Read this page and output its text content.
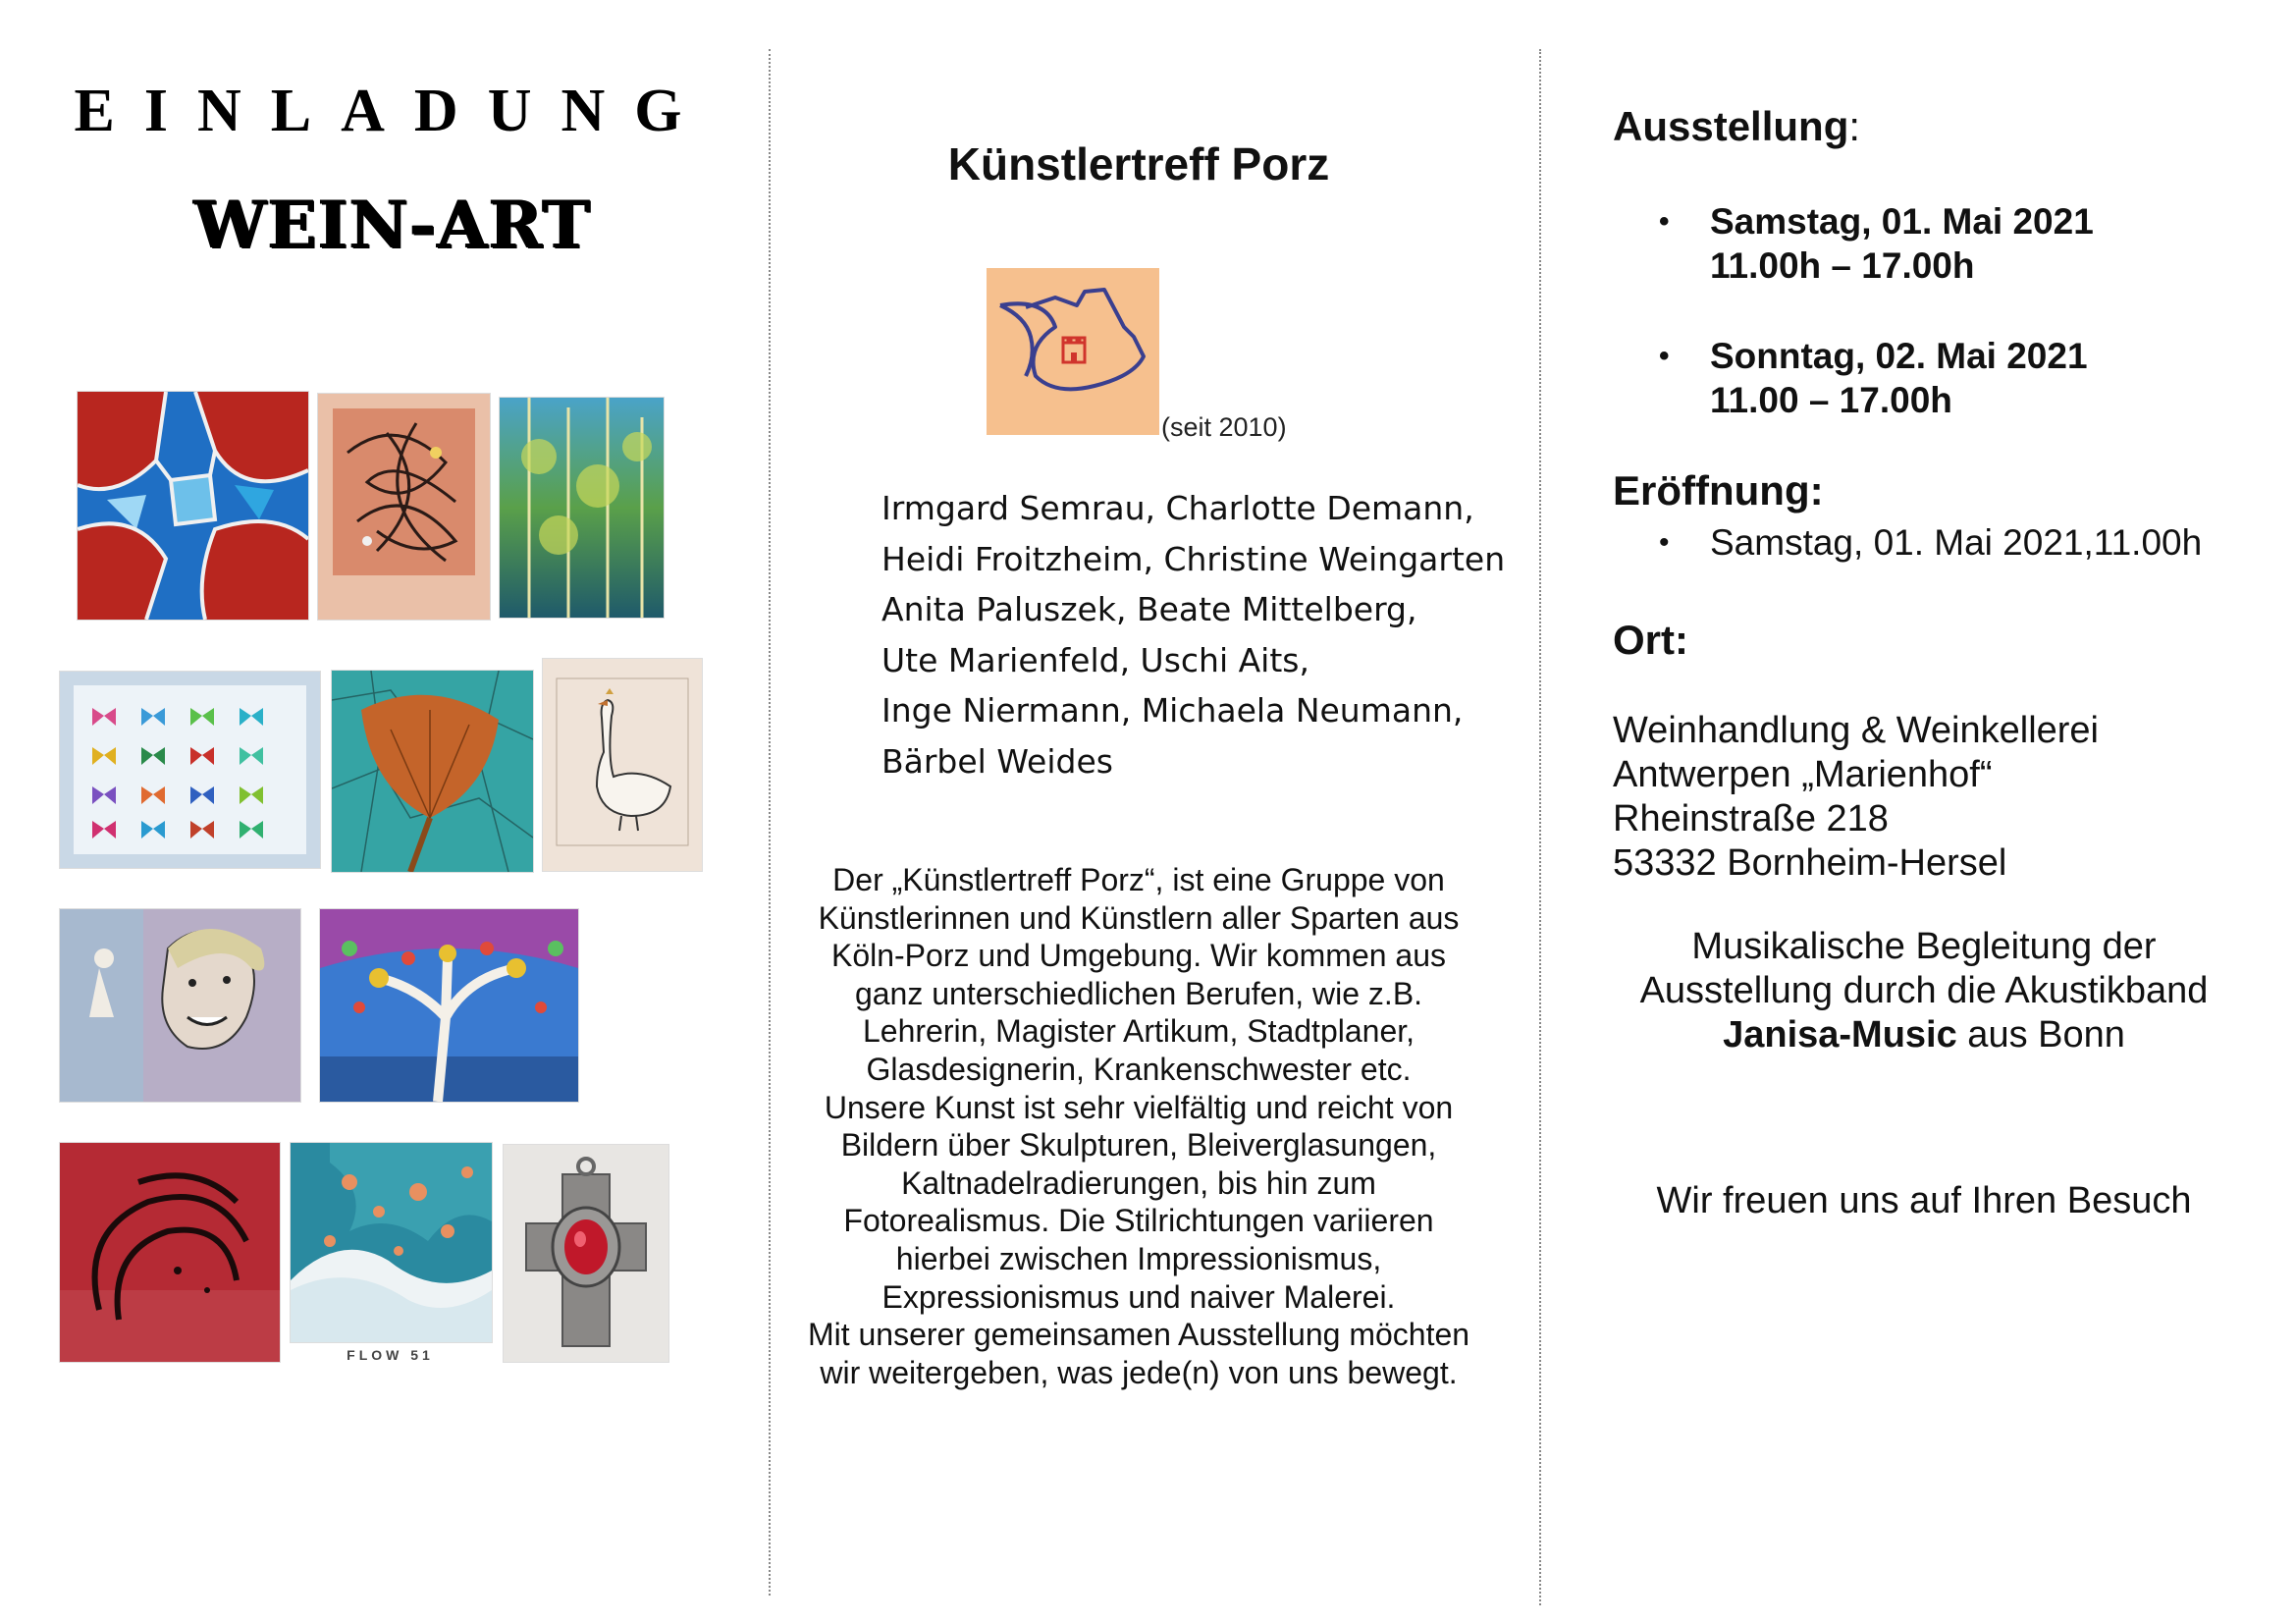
EINLADUNG
WEIN-ART
FLOW 51
Künstlertreff Porz
(seit 2010)
Irmgard Semrau, Charlotte Demann,
Heidi Froitzheim, Christine Weingarten
Anita Paluszek, Beate Mittelberg,
Ute Marienfeld, Uschi Aits,
Inge Niermann, Michaela Neumann,
Bärbel Weides
Der „Künstlertreff Porz“, ist eine Gruppe von
Künstlerinnen und Künstlern aller Sparten aus
Köln-Porz und Umgebung. Wir kommen aus
ganz unterschiedlichen Berufen, wie z.B.
Lehrerin, Magister Artikum, Stadtplaner,
Glasdesignerin, Krankenschwester etc.
Unsere Kunst ist sehr vielfältig und reicht von
Bildern über Skulpturen, Bleiverglasungen,
Kaltnadelradierungen, bis hin zum
Fotorealismus. Die Stilrichtungen variieren
hierbei zwischen Impressionismus,
Expressionismus und naiver Malerei.
Mit unserer gemeinsamen Ausstellung möchten
wir weitergeben, was jede(n) von uns bewegt.
Ausstellung:
• Samstag, 01. Mai 2021
11.00h – 17.00h
• Sonntag, 02. Mai 2021
11.00 – 17.00h
Eröffnung:
• Samstag, 01. Mai 2021,11.00h
Ort:
Weinhandlung & Weinkellerei
Antwerpen „Marienhof“
Rheinstraße 218
53332 Bornheim-Hersel
Musikalische Begleitung der
Ausstellung durch die Akustikband
Janisa-Music aus Bonn
Wir freuen uns auf Ihren Besuch
